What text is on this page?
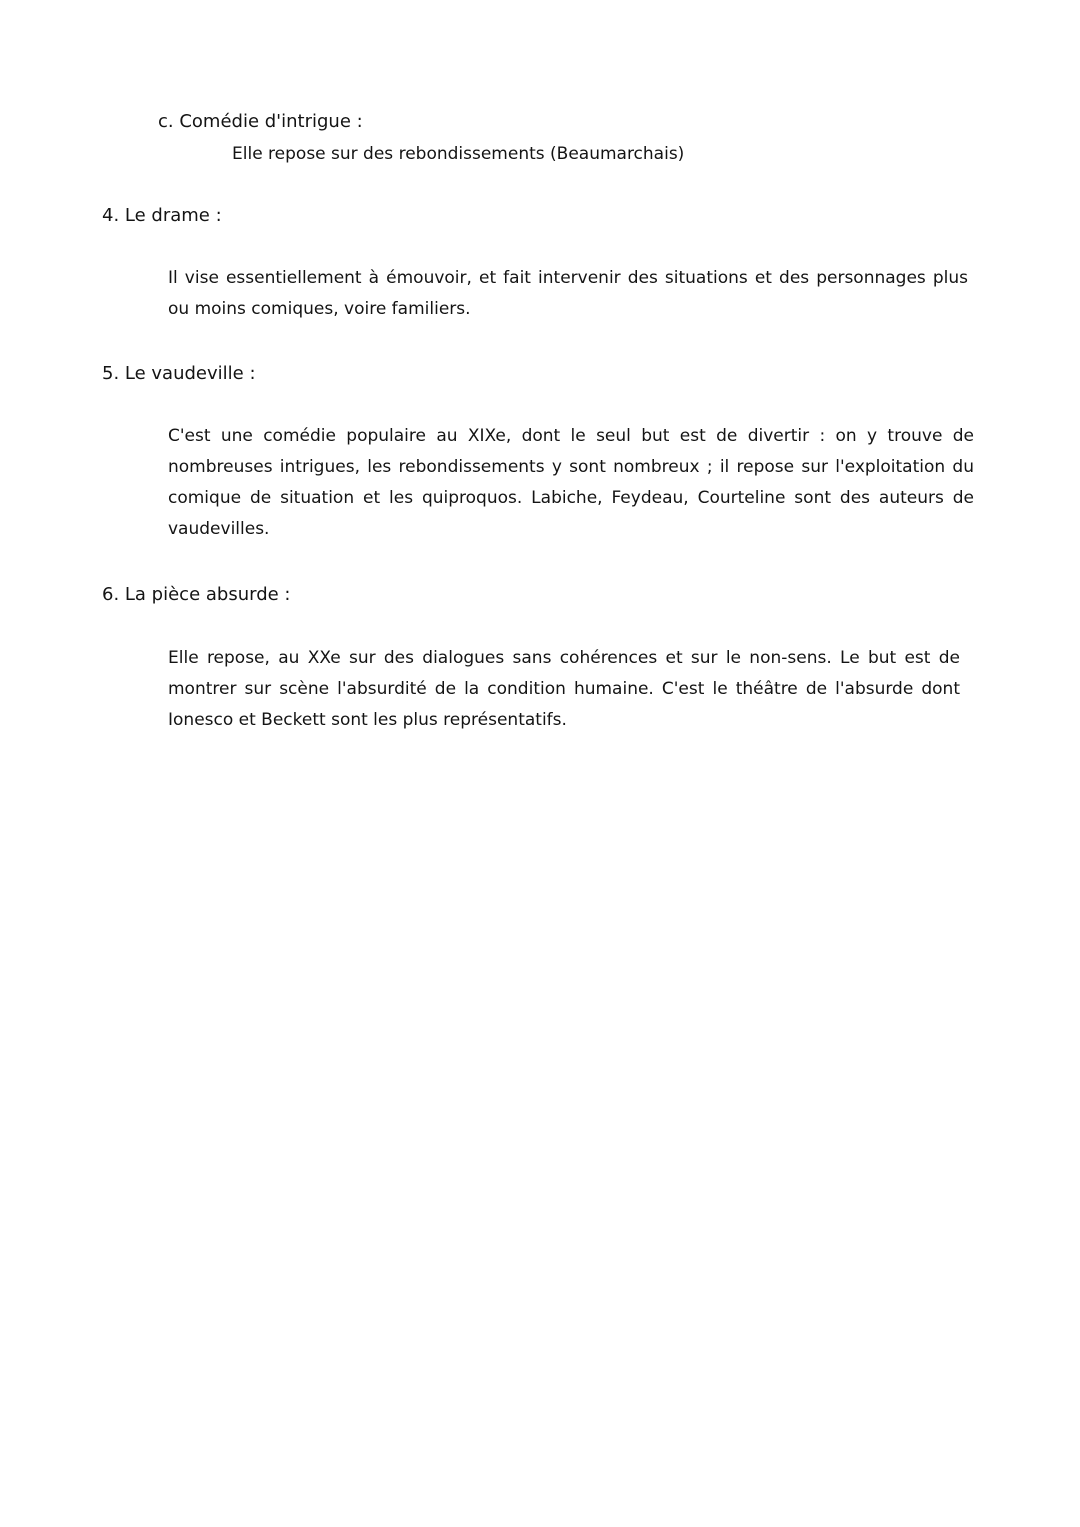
c. Comédie d'intrigue :
Elle repose sur des rebondissements (Beaumarchais)
4. Le drame :
Il vise essentiellement à émouvoir, et fait intervenir des situations et des personnages plus ou moins comiques, voire familiers.
5. Le vaudeville :
C'est une comédie populaire au XIXe, dont le seul but est de divertir : on y trouve de nombreuses intrigues, les rebondissements y sont nombreux ; il repose sur l'exploitation du comique de situation et les quiproquos. Labiche, Feydeau, Courteline sont des auteurs de vaudevilles.
6. La pièce absurde :
Elle repose, au XXe sur des dialogues sans cohérences et sur le non-sens. Le but est de montrer sur scène l'absurdité de la condition humaine. C'est le théâtre de l'absurde dont Ionesco et Beckett sont les plus représentatifs.
